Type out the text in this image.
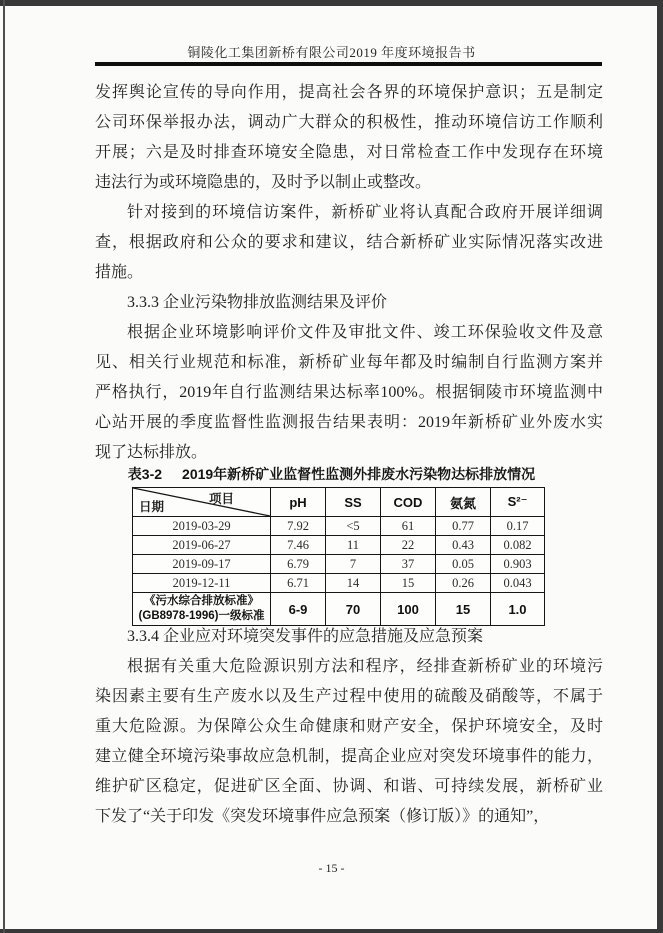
铜陵化工集团新桥有限公司2019 年度环境报告书
发挥舆论宣传的导向作用，提高社会各界的环境保护意识；五是制定
公司环保举报办法，调动广大群众的积极性，推动环境信访工作顺利
开展；六是及时排查环境安全隐患，对日常检查工作中发现存在环境
违法行为或环境隐患的，及时予以制止或整改。
针对接到的环境信访案件，新桥矿业将认真配合政府开展详细调
查，根据政府和公众的要求和建议，结合新桥矿业实际情况落实改进
措施。
3.3.3 企业污染物排放监测结果及评价
根据企业环境影响评价文件及审批文件、竣工环保验收文件及意
见、相关行业规范和标准，新桥矿业每年都及时编制自行监测方案并
严格执行，2019年自行监测结果达标率100%。根据铜陵市环境监测中
心站开展的季度监督性监测报告结果表明：2019年新桥矿业外废水实
现了达标排放。
表3-2 2019年新桥矿业监督性监测外排废水污染物达标排放情况
项目
日期	pH	SS	COD	氨氮	S²⁻
2019-03-29	7.92	<5	61	0.77	0.17
2019-06-27	7.46	11	22	0.43	0.082
2019-09-17	6.79	7	37	0.05	0.903
2019-12-11	6.71	14	15	0.26	0.043

《污水综合排放标准》
(GB8978-1996)一级标准	6-9	70	100	15	1.0
3.3.4 企业应对环境突发事件的应急措施及应急预案
根据有关重大危险源识别方法和程序，经排查新桥矿业的环境污
染因素主要有生产废水以及生产过程中使用的硫酸及硝酸等，不属于
重大危险源。为保障公众生命健康和财产安全，保护环境安全，及时
建立健全环境污染事故应急机制，提高企业应对突发环境事件的能力，
维护矿区稳定，促进矿区全面、协调、和谐、可持续发展，新桥矿业
下发了“关于印发《突发环境事件应急预案（修订版）》的通知”，
- 15 -
